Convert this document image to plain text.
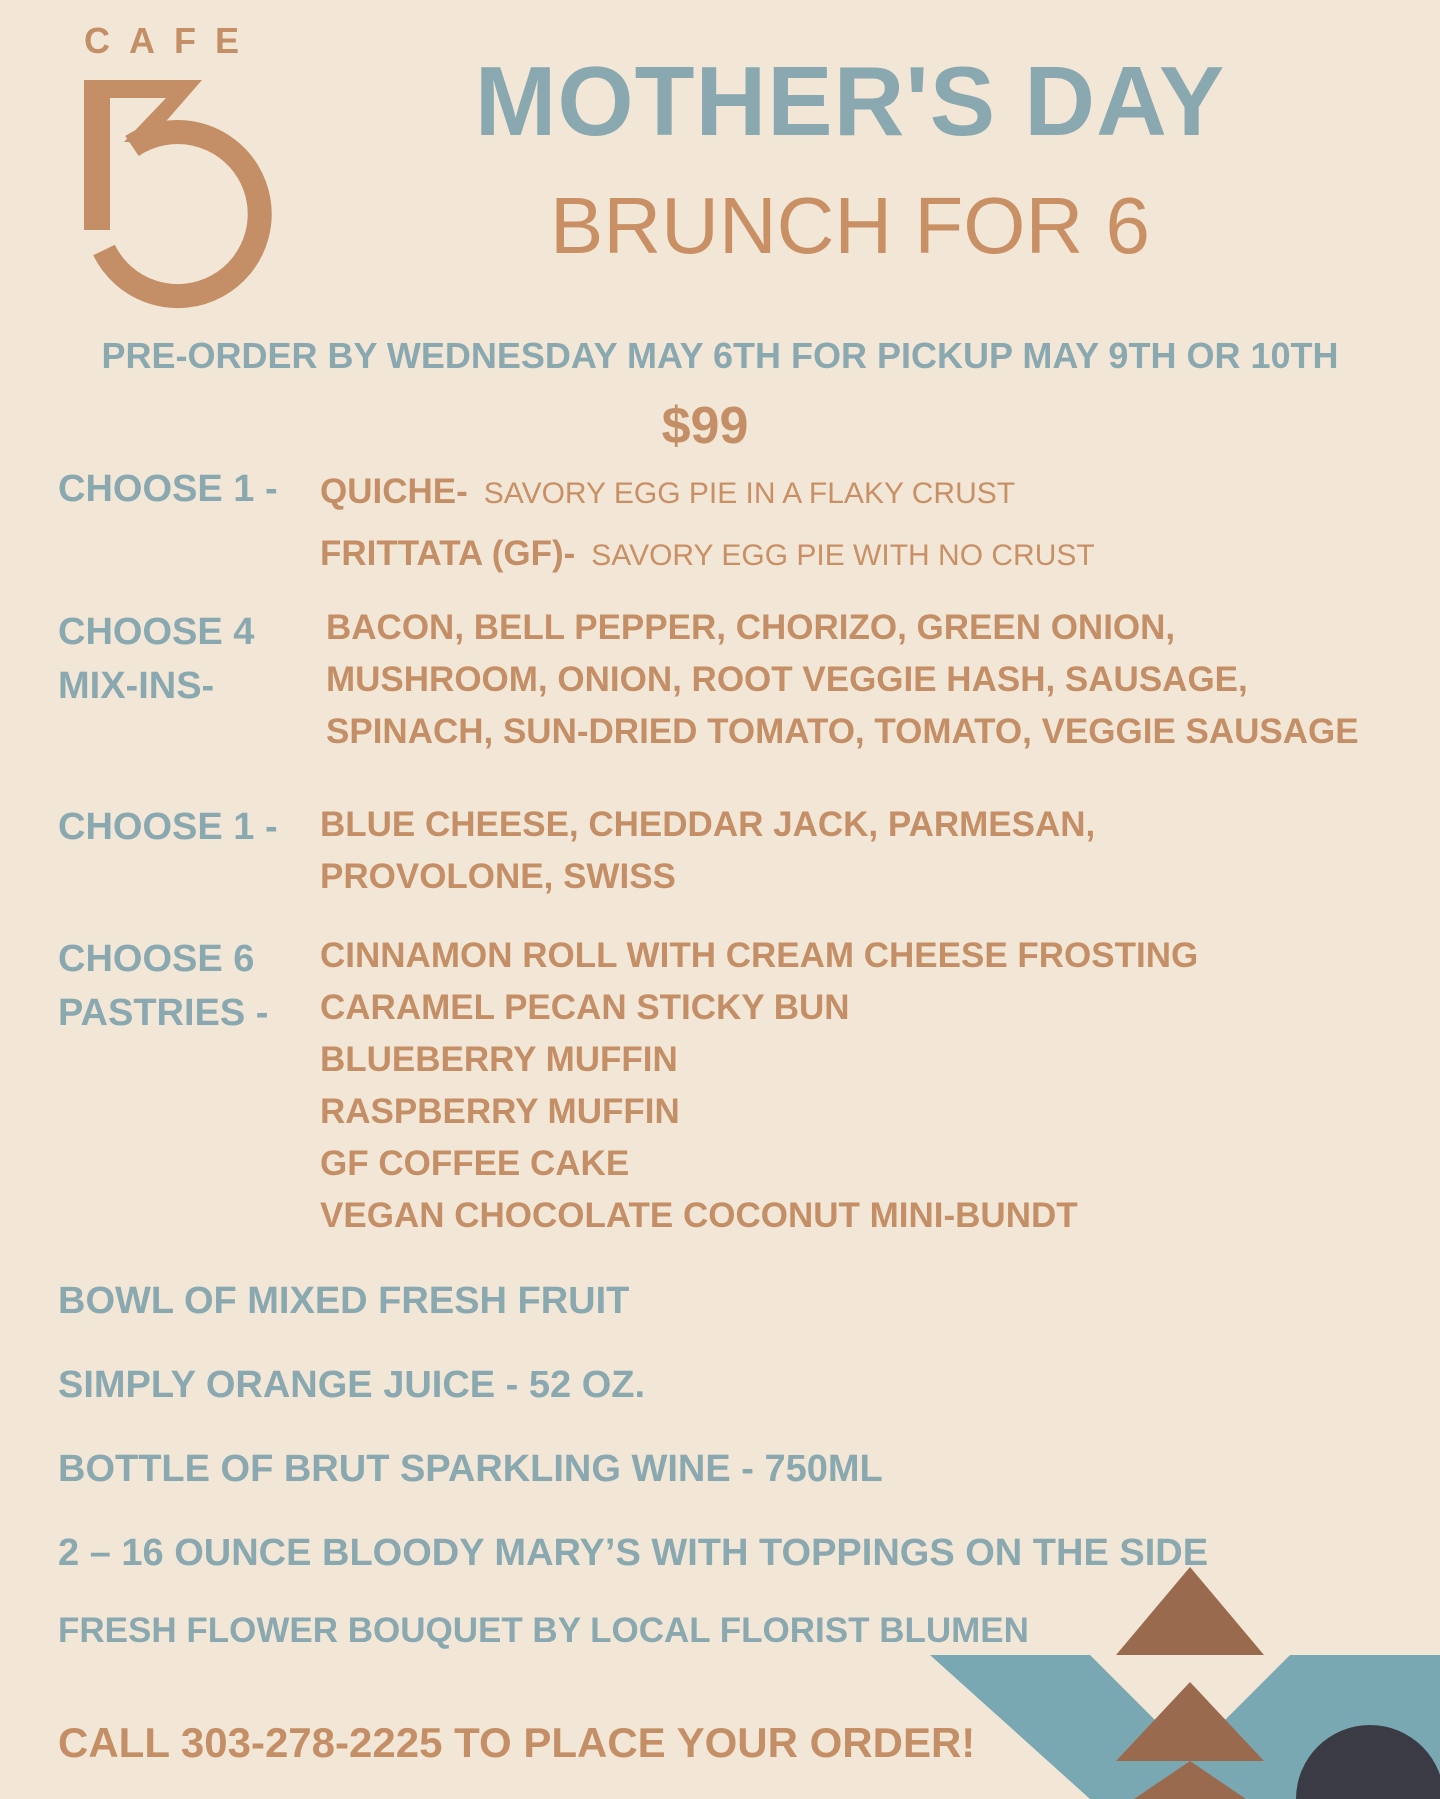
CAFE
MOTHER'S DAY
BRUNCH FOR 6
PRE-ORDER BY WEDNESDAY MAY 6TH FOR PICKUP MAY 9TH OR 10TH
$99
CHOOSE 1 - QUICHE- SAVORY EGG PIE IN A FLAKY CRUST
FRITTATA (GF)- SAVORY EGG PIE WITH NO CRUST
CHOOSE 4
MIX-INS-
BACON, BELL PEPPER, CHORIZO, GREEN ONION,
MUSHROOM, ONION, ROOT VEGGIE HASH, SAUSAGE,
SPINACH, SUN-DRIED TOMATO, TOMATO, VEGGIE SAUSAGE
CHOOSE 1 - BLUE CHEESE, CHEDDAR JACK, PARMESAN,
PROVOLONE, SWISS
CHOOSE 6
PASTRIES -
CINNAMON ROLL WITH CREAM CHEESE FROSTING
CARAMEL PECAN STICKY BUN
BLUEBERRY MUFFIN
RASPBERRY MUFFIN
GF COFFEE CAKE
VEGAN CHOCOLATE COCONUT MINI-BUNDT
BOWL OF MIXED FRESH FRUIT
SIMPLY ORANGE JUICE - 52 OZ.
BOTTLE OF BRUT SPARKLING WINE - 750ML
2 – 16 OUNCE BLOODY MARY’S WITH TOPPINGS ON THE SIDE
FRESH FLOWER BOUQUET BY LOCAL FLORIST BLUMEN
CALL 303-278-2225 TO PLACE YOUR ORDER!
